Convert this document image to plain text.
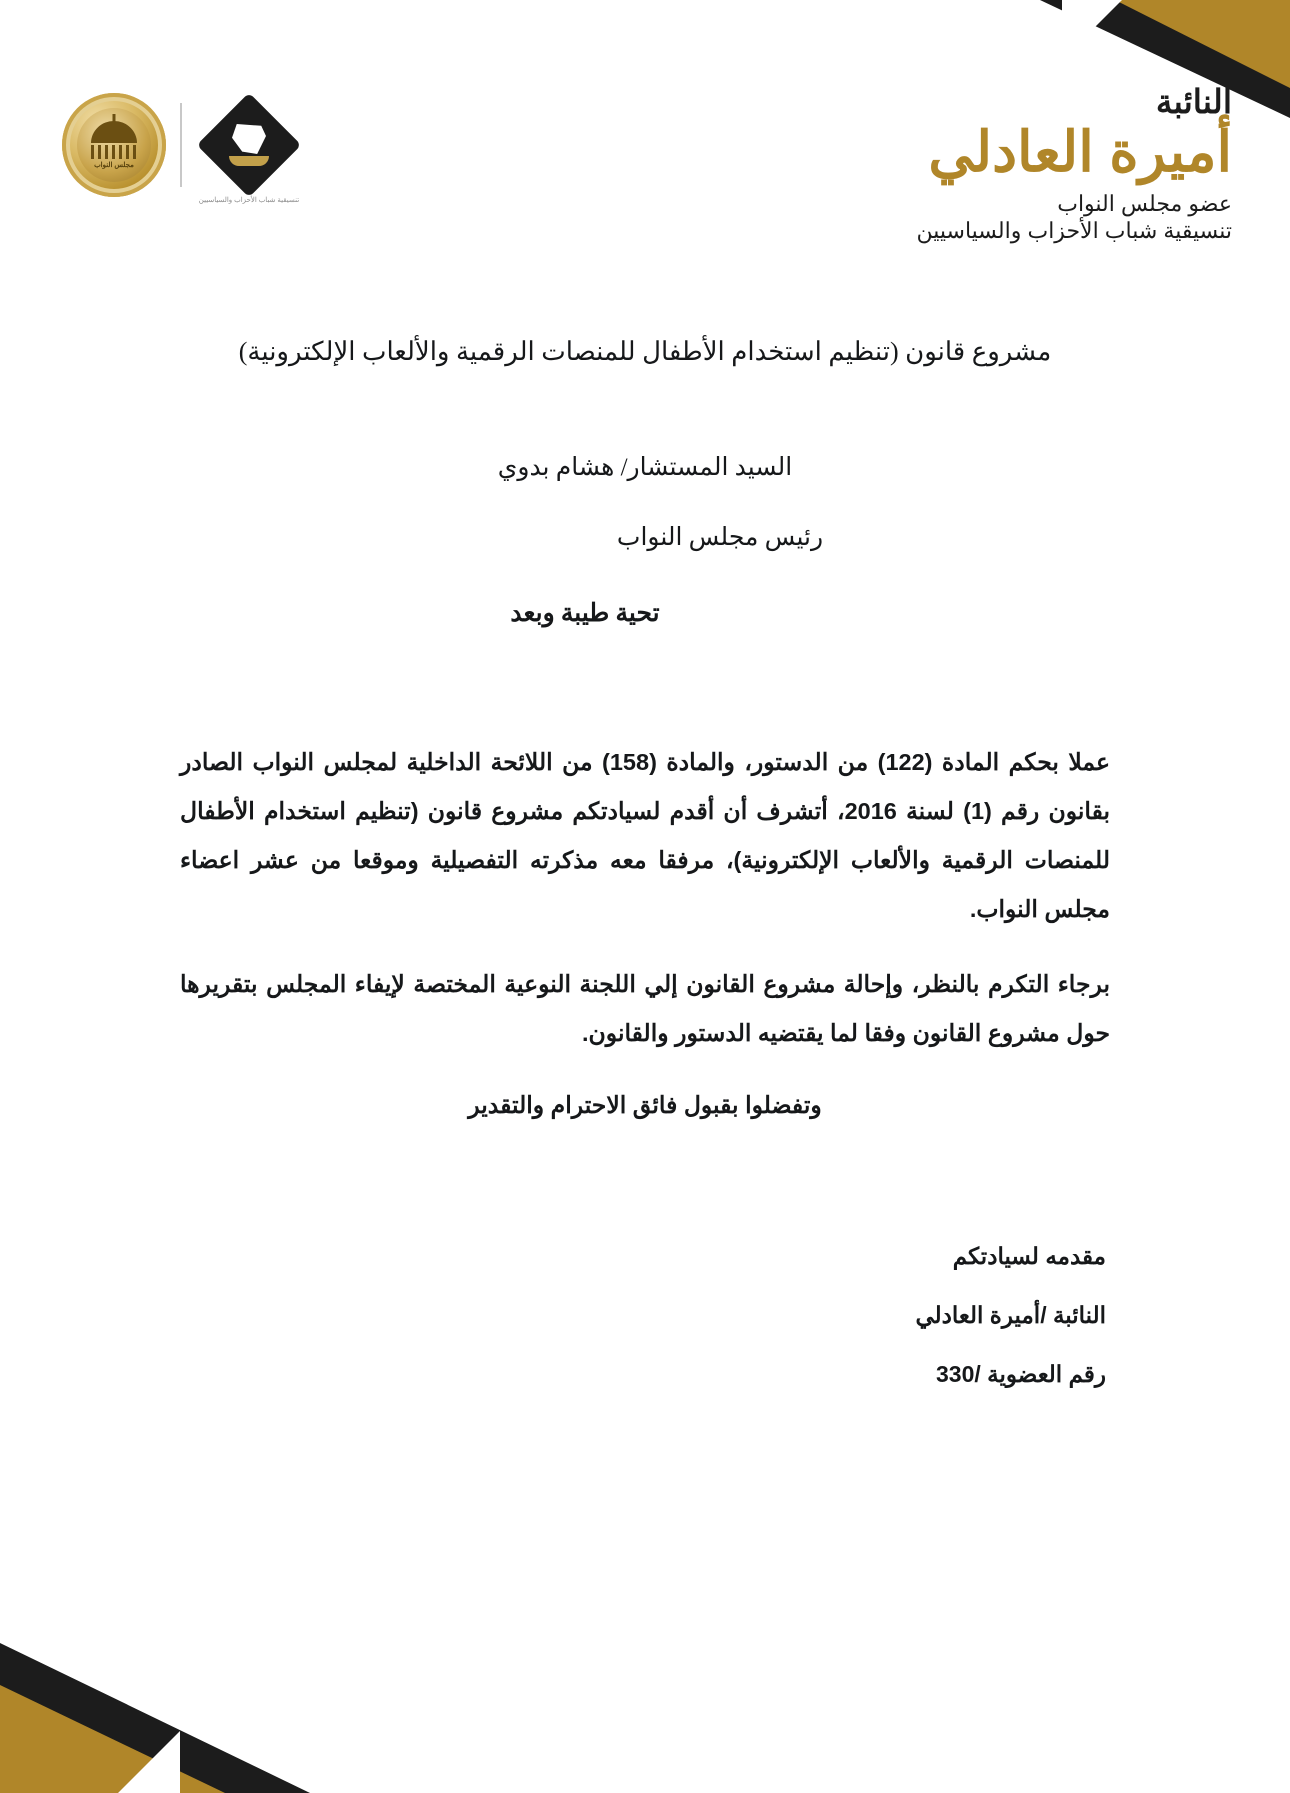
مجلس النواب
تنسيقية شباب الأحزاب والسياسيين
النائبة
أميرة العادلي
عضو مجلس النواب
تنسيقية شباب الأحزاب والسياسيين
مشروع قانون (تنظيم استخدام الأطفال للمنصات الرقمية والألعاب الإلكترونية)

السيد المستشار/ هشام بدوي

رئيس مجلس النواب

تحية طيبة وبعد

عملا بحكم المادة (122) من الدستور، والمادة (158) من اللائحة الداخلية لمجلس النواب الصادر بقانون رقم (1) لسنة 2016، أتشرف أن أقدم لسيادتكم مشروع قانون (تنظيم استخدام الأطفال للمنصات الرقمية والألعاب الإلكترونية)، مرفقا معه مذكرته التفصيلية وموقعا من عشر اعضاء مجلس النواب.

برجاء التكرم بالنظر، وإحالة مشروع القانون إلي اللجنة النوعية المختصة لإيفاء المجلس بتقريرها حول مشروع القانون وفقا لما يقتضيه الدستور والقانون.

وتفضلوا بقبول فائق الاحترام والتقدير

مقدمه لسيادتكم
النائبة /أميرة العادلي
رقم العضوية /330
